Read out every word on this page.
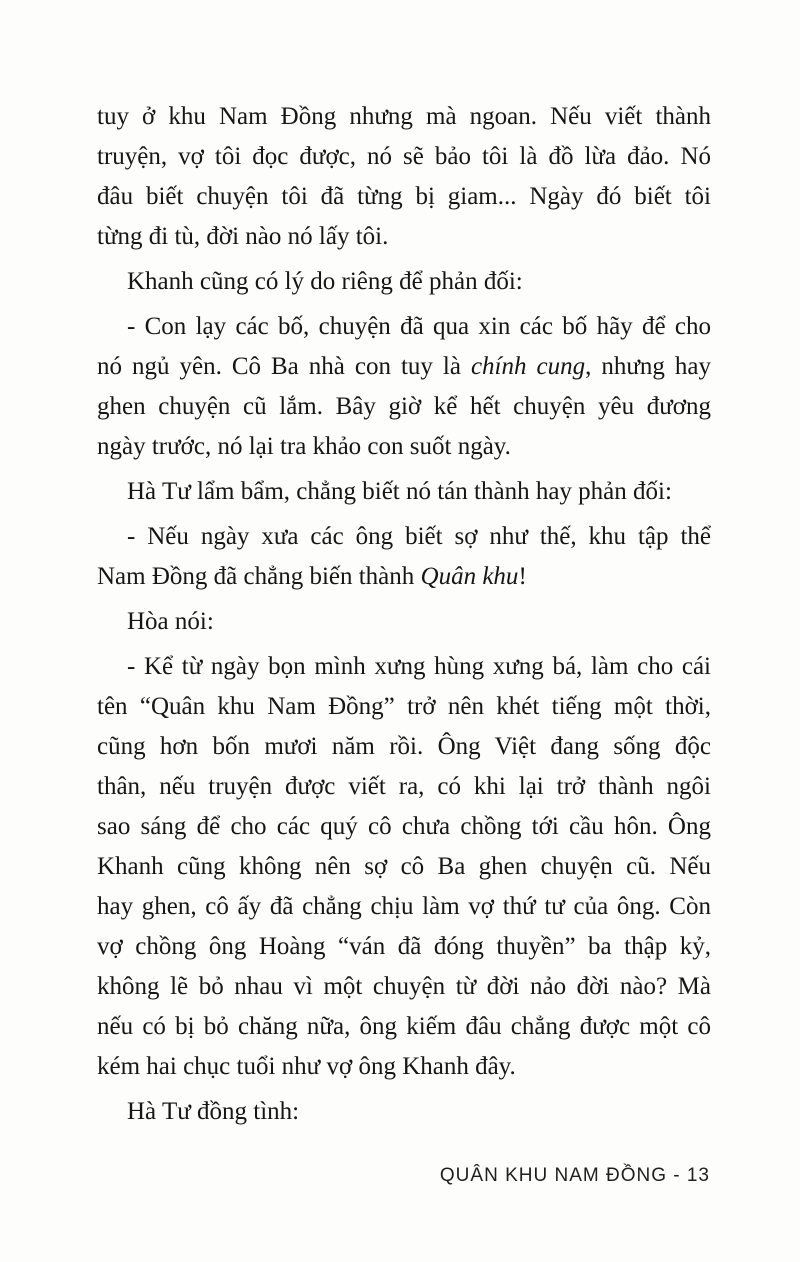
tuy ở khu Nam Đồng nhưng mà ngoan. Nếu viết thành
truyện, vợ tôi đọc được, nó sẽ bảo tôi là đồ lừa đảo. Nó
đâu biết chuyện tôi đã từng bị giam... Ngày đó biết tôi
từng đi tù, đời nào nó lấy tôi.
Khanh cũng có lý do riêng để phản đối:
- Con lạy các bố, chuyện đã qua xin các bố hãy để cho
nó ngủ yên. Cô Ba nhà con tuy là chính cung, nhưng hay
ghen chuyện cũ lắm. Bây giờ kể hết chuyện yêu đương
ngày trước, nó lại tra khảo con suốt ngày.
Hà Tư lẩm bẩm, chẳng biết nó tán thành hay phản đối:
- Nếu ngày xưa các ông biết sợ như thế, khu tập thể
Nam Đồng đã chẳng biến thành Quân khu!
Hòa nói:
- Kể từ ngày bọn mình xưng hùng xưng bá, làm cho cái
tên “Quân khu Nam Đồng” trở nên khét tiếng một thời,
cũng hơn bốn mươi năm rồi. Ông Việt đang sống độc
thân, nếu truyện được viết ra, có khi lại trở thành ngôi
sao sáng để cho các quý cô chưa chồng tới cầu hôn. Ông
Khanh cũng không nên sợ cô Ba ghen chuyện cũ. Nếu
hay ghen, cô ấy đã chẳng chịu làm vợ thứ tư của ông. Còn
vợ chồng ông Hoàng “ván đã đóng thuyền” ba thập kỷ,
không lẽ bỏ nhau vì một chuyện từ đời nảo đời nào? Mà
nếu có bị bỏ chăng nữa, ông kiếm đâu chẳng được một cô
kém hai chục tuổi như vợ ông Khanh đây.
Hà Tư đồng tình:
QUÂN KHU NAM ĐỒNG - 13
